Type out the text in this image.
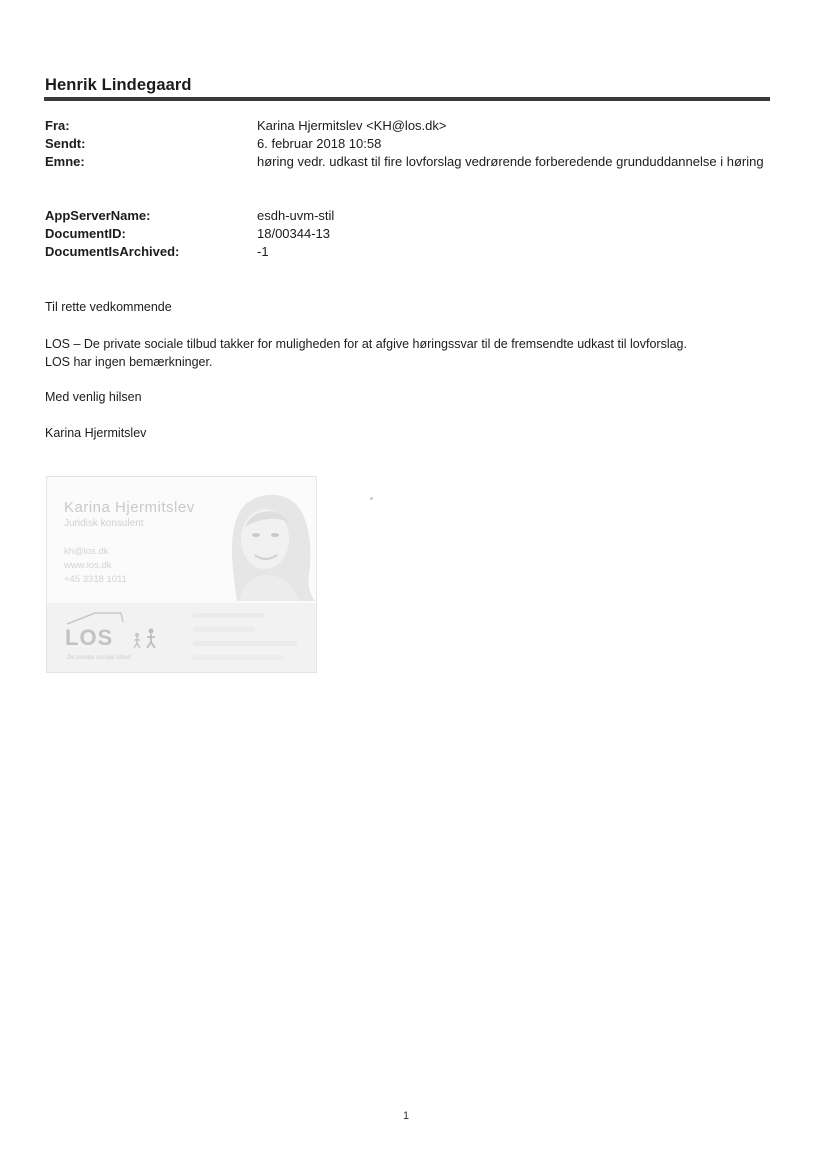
Henrik Lindegaard
Fra:	Karina Hjermitslev <KH@los.dk>
Sendt:	6. februar 2018 10:58
Emne:	høring vedr. udkast til fire lovforslag vedrørende forberedende grunduddannelse i høring
AppServerName:	esdh-uvm-stil
DocumentID:	18/00344-13
DocumentIsArchived:	-1

Til rette vedkommende

LOS – De private sociale tilbud takker for muligheden for at afgive høringssvar til de fremsendte udkast til lovforslag.

LOS har ingen bemærkninger.

Med venlig hilsen

Karina Hjermitslev

Karina Hjermitslev
Juridisk konsulent
kh@los.dk
www.los.dk
+45 3318 1011
LOS
De private sociale tilbud
1
